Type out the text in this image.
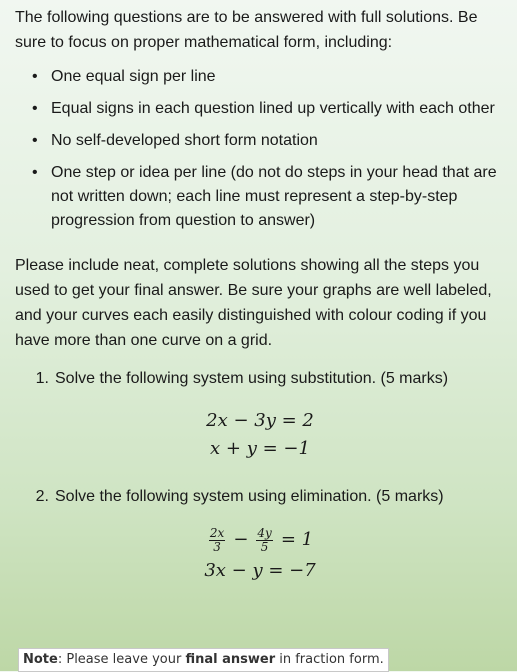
The following questions are to be answered with full solutions. Be sure to focus on proper mathematical form, including:

• One equal sign per line
• Equal signs in each question lined up vertically with each other
• No self-developed short form notation
• One step or idea per line (do not do steps in your head that are not written down; each line must represent a step-by-step progression from question to answer)

Please include neat, complete solutions showing all the steps you used to get your final answer. Be sure your graphs are well labeled, and your curves each easily distinguished with colour coding if you have more than one curve on a grid.

1. Solve the following system using substitution. (5 marks)
2x − 3y = 2
x + y = −1
2. Solve the following system using elimination. (5 marks)
$\frac{2x}{3} - \frac{4y}{5} = 1$
3x − y = −7
Note: Please leave your final answer in fraction form.
